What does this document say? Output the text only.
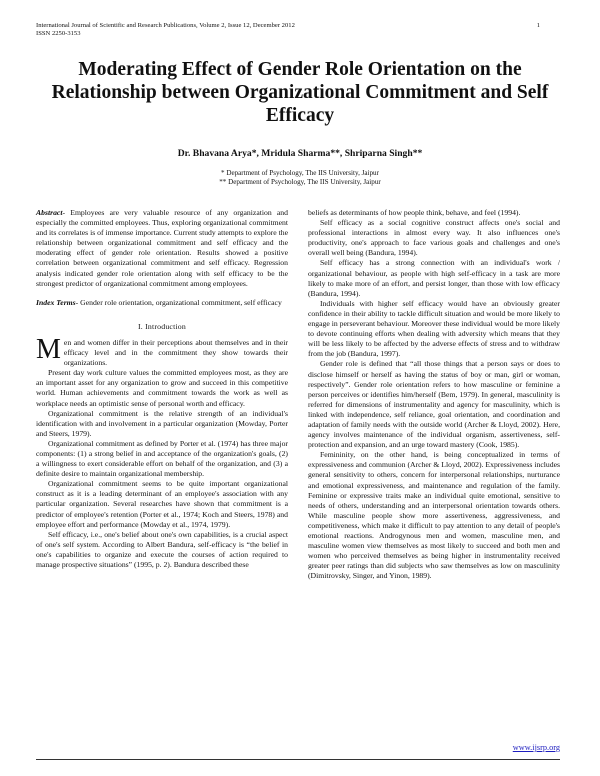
International Journal of Scientific and Research Publications, Volume 2, Issue 12, December 2012
ISSN 2250-3153
1
Moderating Effect of Gender Role Orientation on the Relationship between Organizational Commitment and Self Efficacy
Dr. Bhavana Arya*, Mridula Sharma**, Shriparna Singh**
* Department of Psychology, The IIS University, Jaipur
** Department of Psychology, The IIS University, Jaipur

Abstract- Employees are very valuable resource of any organization and especially the committed employees. Thus, exploring organizational commitment and its correlates is of immense importance. Current study attempts to explore the relationship between organizational commitment and self efficacy and the moderating effect of gender role orientation. Results showed a positive correlation between organizational commitment and self efficacy. Regression analysis indicated gender role orientation along with self efficacy to be the strongest predictor of organizational commitment among employees.

Index Terms- Gender role orientation, organizational commitment, self efficacy

I. Introduction

Men and women differ in their perceptions about themselves and in their efficacy level and in the commitment they show towards their organizations.

Present day work culture values the committed employees most, as they are an important asset for any organization to grow and succeed in this competitive world. Human achievements and commitment towards the work as well as workplace needs an optimistic sense of personal worth and efficacy.

Organizational commitment is the relative strength of an individual's identification with and involvement in a particular organization (Mowday, Porter and Steers, 1979).

Organizational commitment as defined by Porter et al. (1974) has three major components: (1) a strong belief in and acceptance of the organization's goals, (2) a willingness to exert considerable effort on behalf of the organization, and (3) a definite desire to maintain organizational membership.

Organizational commitment seems to be quite important organizational construct as it is a leading determinant of an employee's association with any particular organization. Several researches have shown that commitment is a predictor of employee's retention (Porter et al., 1974; Koch and Steers, 1978) and employee effort and performance (Mowday et al., 1974, 1979).

Self efficacy, i.e., one's belief about one's own capabilities, is a crucial aspect of one's self system. According to Albert Bandura, self-efficacy is “the belief in one's capabilities to organize and execute the courses of action required to manage prospective situations” (1995, p. 2). Bandura described these

beliefs as determinants of how people think, behave, and feel (1994).

Self efficacy as a social cognitive construct affects one's social and professional interactions in almost every way. It also influences one's productivity, one's approach to face various goals and challenges and one's overall well being (Bandura, 1994).

Self efficacy has a strong connection with an individual's work / organizational behaviour, as people with high self-efficacy in a task are more likely to make more of an effort, and persist longer, than those with low efficacy (Bandura, 1994).

Individuals with higher self efficacy would have an obviously greater confidence in their ability to tackle difficult situation and would be more likely to engage in perseverant behaviour. Moreover these individual would be more likely to devote continuing efforts when dealing with adversity which means that they will be less likely to be affected by the adverse effects of stress and to withdraw from the job (Bandura, 1997).

Gender role is defined that “all those things that a person says or does to disclose himself or herself as having the status of boy or man, girl or woman, respectively”. Gender role orientation refers to how masculine or feminine a person perceives or identifies him/herself (Bem, 1979). In general, masculinity is referred for dimensions of instrumentality and agency for masculinity, which is linked with independence, self reliance, goal orientation, and coordination and adaptation of family needs with the outside world (Archer & Lloyd, 2002). Here, agency involves maintenance of the individual organism, assertiveness, self-protection and expansion, and an urge toward mastery (Cook, 1985).

Femininity, on the other hand, is being conceptualized in terms of expressiveness and communion (Archer & Lloyd, 2002). Expressiveness includes general sensitivity to others, concern for interpersonal relationships, nurturance and emotional expressiveness, and maintenance and regulation of the family. Feminine or expressive traits make an individual quite emotional, sensitive to needs of others, understanding and an interpersonal orientation towards others. While masculine people show more assertiveness, aggressiveness, and competitiveness, which make it difficult to pay attention to any detail of people's emotional reactions. Androgynous men and women, masculine men, and masculine women view themselves as most likely to succeed and both men and women who perceived themselves as being higher in instrumentality received greater peer ratings than did subjects who saw themselves as low on masculinity (Dimitrovsky, Singer, and Yinon, 1989).

www.ijsrp.org
